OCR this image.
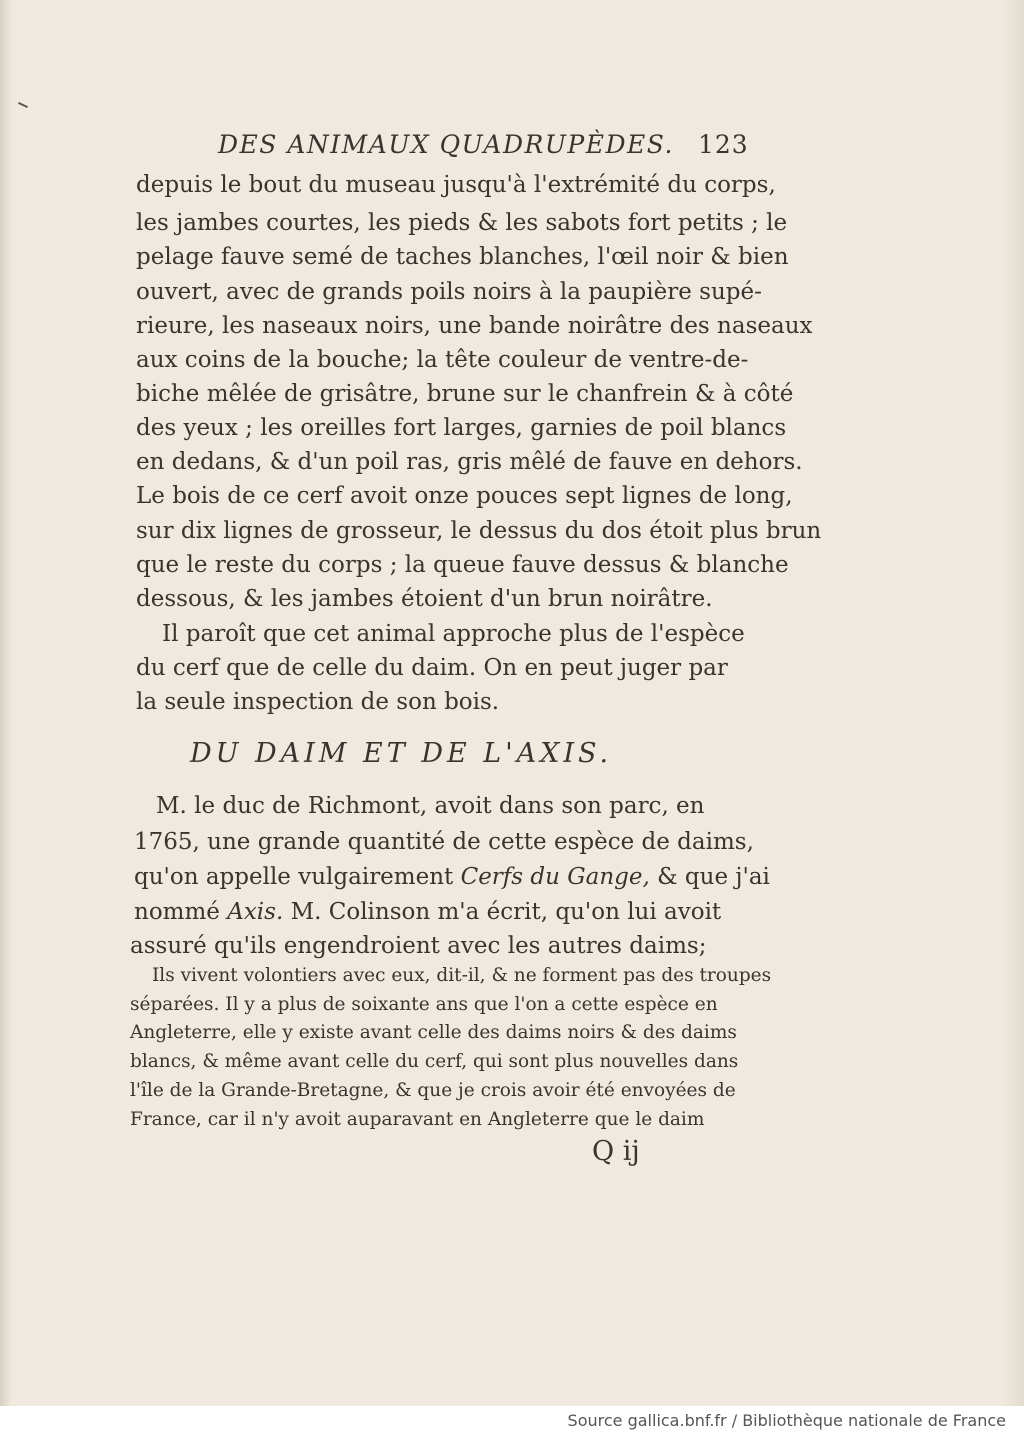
DES ANIMAUX QUADRUPÈDES. 123
depuis le bout du museau jusqu'à l'extrémité du corps,
les jambes courtes, les pieds & les sabots fort petits ; le
pelage fauve semé de taches blanches, l'œil noir & bien
ouvert, avec de grands poils noirs à la paupière supé-
rieure, les naseaux noirs, une bande noirâtre des naseaux
aux coins de la bouche; la tête couleur de ventre-de-
biche mêlée de grisâtre, brune sur le chanfrein & à côté
des yeux ; les oreilles fort larges, garnies de poil blancs
en dedans, & d'un poil ras, gris mêlé de fauve en dehors.
Le bois de ce cerf avoit onze pouces sept lignes de long,
sur dix lignes de grosseur, le dessus du dos étoit plus brun
que le reste du corps ; la queue fauve dessus & blanche
dessous, & les jambes étoient d'un brun noirâtre.
Il paroît que cet animal approche plus de l'espèce
du cerf que de celle du daim. On en peut juger par
la seule inspection de son bois.
DU DAIM ET DE L'AXIS.
M. le duc de Richmont, avoit dans son parc, en
1765, une grande quantité de cette espèce de daims,
qu'on appelle vulgairement Cerfs du Gange, & que j'ai
nommé Axis. M. Colinson m'a écrit, qu'on lui avoit
assuré qu'ils engendroient avec les autres daims;
Ils vivent volontiers avec eux, dit-il, & ne forment pas des troupes
séparées. Il y a plus de soixante ans que l'on a cette espèce en
Angleterre, elle y existe avant celle des daims noirs & des daims
blancs, & même avant celle du cerf, qui sont plus nouvelles dans
l'île de la Grande-Bretagne, & que je crois avoir été envoyées de
France, car il n'y avoit auparavant en Angleterre que le daim
Q ij
Source gallica.bnf.fr / Bibliothèque nationale de France
